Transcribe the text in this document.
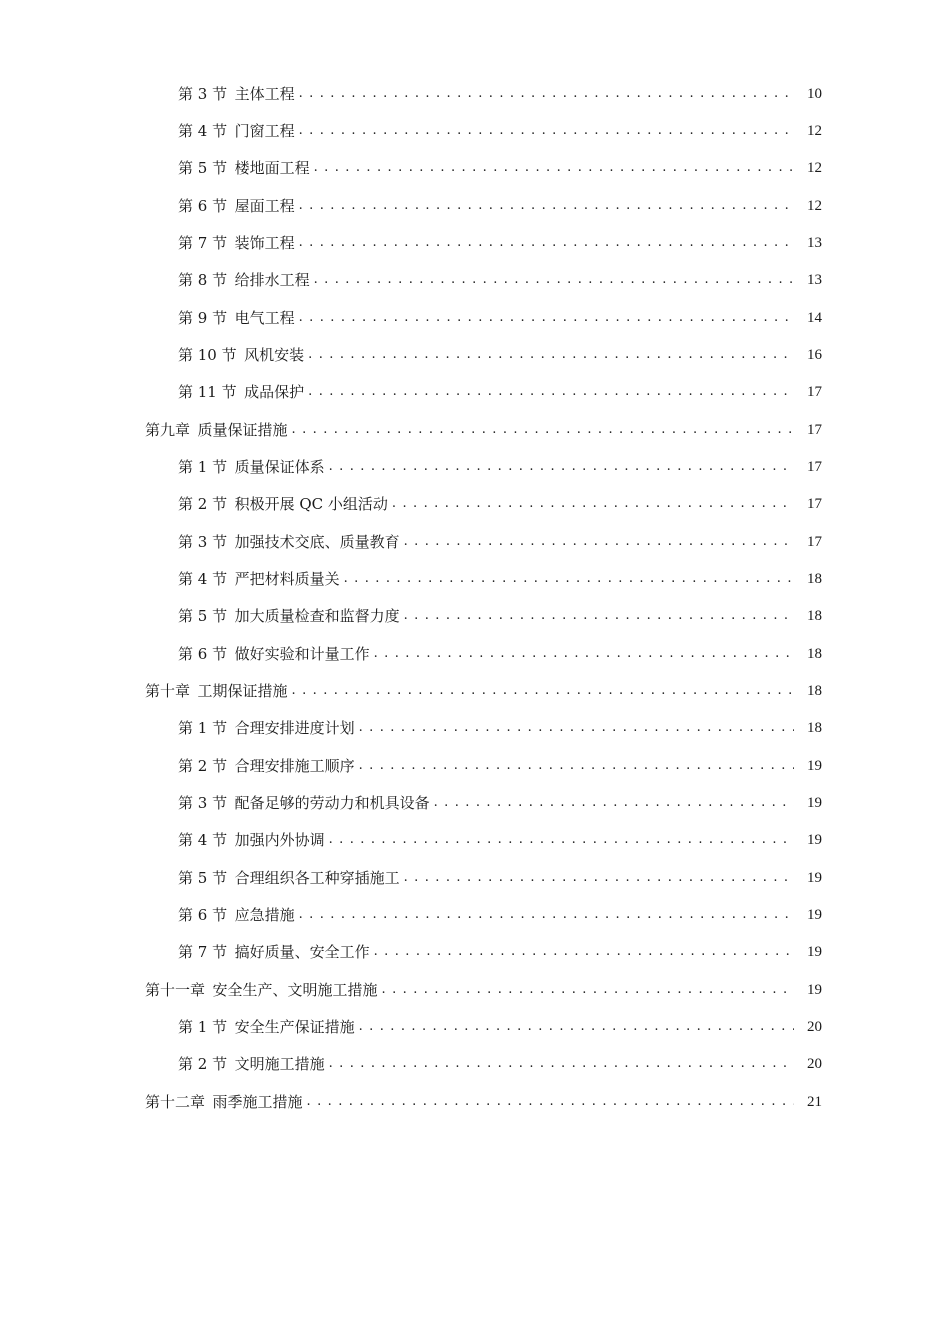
第 3 节 主体工程 . . .	10
第 4 节 门窗工程 . . .	12
第 5 节 楼地面工程 . . .	12
第 6 节 屋面工程 . . .	12
第 7 节 装饰工程 . . .	13
第 8 节 给排水工程 . . .	13
第 9 节 电气工程 . . .	14
第 10 节 风机安装 . . .	16
第 11 节 成品保护 . . .	17
第九章 质量保证措施 . . .	17
第 1 节 质量保证体系 . . .	17
第 2 节 积极开展 QC 小组活动 . . .	17
第 3 节 加强技术交底、质量教育 . . .	17
第 4 节 严把材料质量关 . . .	18
第 5 节 加大质量检查和监督力度 . . .	18
第 6 节 做好实验和计量工作 . . .	18
第十章 工期保证措施 . . .	18
第 1 节 合理安排进度计划 . . .	18
第 2 节 合理安排施工顺序 . . .	19
第 3 节 配备足够的劳动力和机具设备 . . .	19
第 4 节 加强内外协调 . . .	19
第 5 节 合理组织各工种穿插施工 . . .	19
第 6 节 应急措施 . . .	19
第 7 节 搞好质量、安全工作 . . .	19
第十一章 安全生产、文明施工措施 . . .	19
第 1 节 安全生产保证措施 . . .	20
第 2 节 文明施工措施 . . .	20
第十二章 雨季施工措施 . . .	21
